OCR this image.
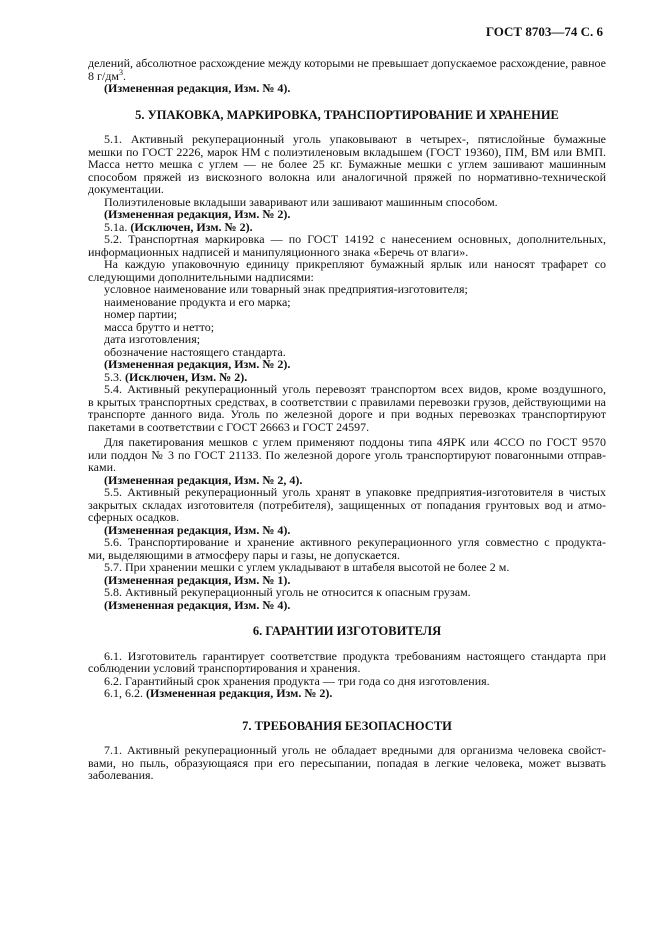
ГОСТ 8703—74 С. 6
делений, абсолютное расхождение между которыми не превышает допускаемое расхождение, равное
8 $г/дм^3$.
(Измененная редакция, Изм. № 4).
5. УПАКОВКА, МАРКИРОВКА, ТРАНСПОРТИРОВАНИЕ И ХРАНЕНИЕ
5.1. Активный рекуперационный уголь упаковывают в четырех-, пятислойные бумажные
мешки по ГОСТ 2226, марок НМ с полиэтиленовым вкладышем (ГОСТ 19360), ПМ, ВМ или ВМП.
Масса нетто мешка с углем — не более 25 кг. Бумажные мешки с углем зашивают машинным
способом пряжей из вискозного волокна или аналогичной пряжей по нормативно-технической
документации.
Полиэтиленовые вкладыши заваривают или зашивают машинным способом.
(Измененная редакция, Изм. № 2).
5.1а. (Исключен, Изм. № 2).
5.2. Транспортная маркировка — по ГОСТ 14192 с нанесением основных, дополнительных,
информационных надписей и манипуляционного знака «Беречь от влаги».
На каждую упаковочную единицу прикрепляют бумажный ярлык или наносят трафарет со
следующими дополнительными надписями:
условное наименование или товарный знак предприятия-изготовителя;
наименование продукта и его марка;
номер партии;
масса брутто и нетто;
дата изготовления;
обозначение настоящего стандарта.
(Измененная редакция, Изм. № 2).
5.3. (Исключен, Изм. № 2).
5.4. Активный рекуперационный уголь перевозят транспортом всех видов, кроме воздушного,
в крытых транспортных средствах, в соответствии с правилами перевозки грузов, действующими на
транспорте данного вида. Уголь по железной дороге и при водных перевозках транспортируют
пакетами в соответствии с ГОСТ 26663 и ГОСТ 24597.
Для пакетирования мешков с углем применяют поддоны типа 4ЯРК или 4ССО по ГОСТ 9570
или поддон № 3 по ГОСТ 21133. По железной дороге уголь транспортируют повагонными отправ-
ками.
(Измененная редакция, Изм. № 2, 4).
5.5. Активный рекуперационный уголь хранят в упаковке предприятия-изготовителя в чистых
закрытых складах изготовителя (потребителя), защищенных от попадания грунтовых вод и атмо-
сферных осадков.
(Измененная редакция, Изм. № 4).
5.6. Транспортирование и хранение активного рекуперационного угля совместно с продукта-
ми, выделяющими в атмосферу пары и газы, не допускается.
5.7. При хранении мешки с углем укладывают в штабеля высотой не более 2 м.
(Измененная редакция, Изм. № 1).
5.8. Активный рекуперационный уголь не относится к опасным грузам.
(Измененная редакция, Изм. № 4).
6. ГАРАНТИИ ИЗГОТОВИТЕЛЯ
6.1. Изготовитель гарантирует соответствие продукта требованиям настоящего стандарта при
соблюдении условий транспортирования и хранения.
6.2. Гарантийный срок хранения продукта — три года со дня изготовления.
6.1, 6.2. (Измененная редакция, Изм. № 2).
7. ТРЕБОВАНИЯ БЕЗОПАСНОСТИ
7.1. Активный рекуперационный уголь не обладает вредными для организма человека свойст-
вами, но пыль, образующаяся при его пересыпании, попадая в легкие человека, может вызвать
заболевания.
